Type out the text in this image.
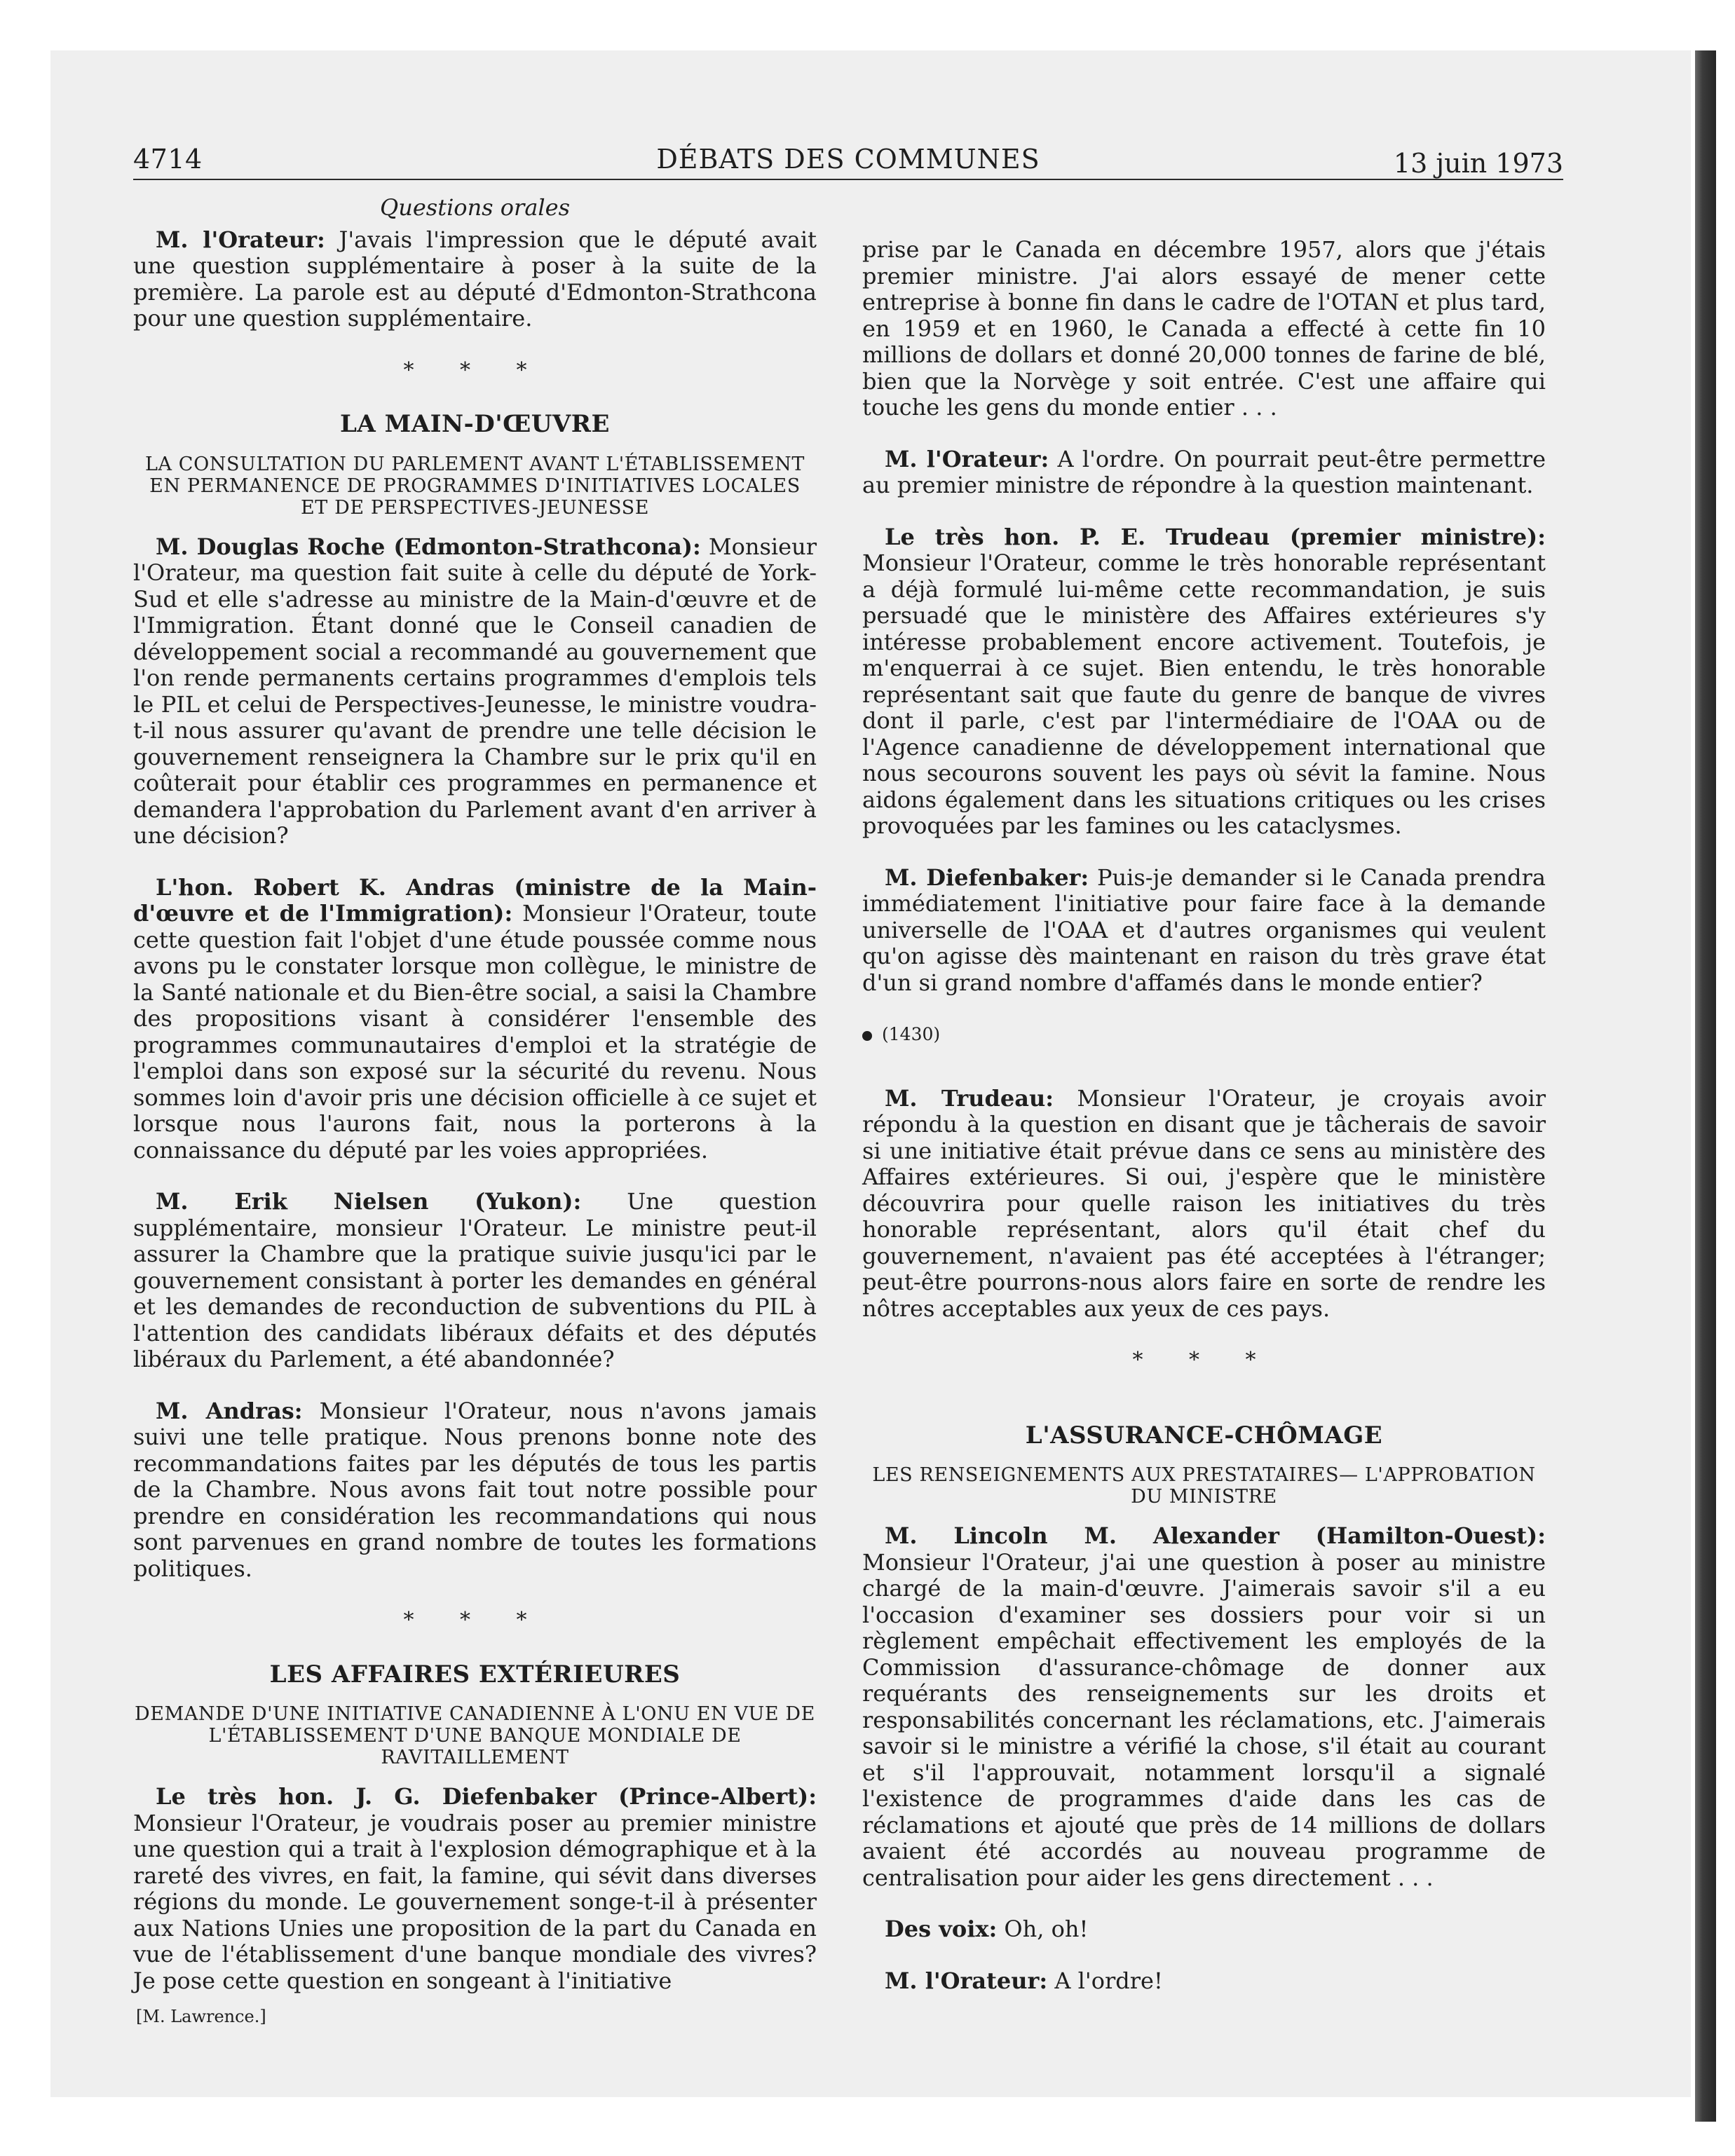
4714	DÉBATS DES COMMUNES	13 juin 1973
Questions orales

M. l'Orateur: J'avais l'impression que le député avait une question supplémentaire à poser à la suite de la première. La parole est au député d'Edmonton-Strathcona pour une question supplémentaire.

* * *
LA MAIN-D'ŒUVRE
LA CONSULTATION DU PARLEMENT AVANT L'ÉTABLISSEMENT EN PERMANENCE DE PROGRAMMES D'INITIATIVES LOCALES ET DE PERSPECTIVES-JEUNESSE

M. Douglas Roche (Edmonton-Strathcona): Monsieur l'Orateur, ma question fait suite à celle du député de York-Sud et elle s'adresse au ministre de la Main-d'œuvre et de l'Immigration. Étant donné que le Conseil canadien de développement social a recommandé au gouvernement que l'on rende permanents certains programmes d'emplois tels le PIL et celui de Perspectives-Jeunesse, le ministre voudra-t-il nous assurer qu'avant de prendre une telle décision le gouvernement renseignera la Chambre sur le prix qu'il en coûterait pour établir ces programmes en permanence et demandera l'approbation du Parlement avant d'en arriver à une décision?

L'hon. Robert K. Andras (ministre de la Main-d'œuvre et de l'Immigration): Monsieur l'Orateur, toute cette question fait l'objet d'une étude poussée comme nous avons pu le constater lorsque mon collègue, le ministre de la Santé nationale et du Bien-être social, a saisi la Chambre des propositions visant à considérer l'ensemble des programmes communautaires d'emploi et la stratégie de l'emploi dans son exposé sur la sécurité du revenu. Nous sommes loin d'avoir pris une décision officielle à ce sujet et lorsque nous l'aurons fait, nous la porterons à la connaissance du député par les voies appropriées.

M. Erik Nielsen (Yukon): Une question supplémentaire, monsieur l'Orateur. Le ministre peut-il assurer la Chambre que la pratique suivie jusqu'ici par le gouvernement consistant à porter les demandes en général et les demandes de reconduction de subventions du PIL à l'attention des candidats libéraux défaits et des députés libéraux du Parlement, a été abandonnée?

M. Andras: Monsieur l'Orateur, nous n'avons jamais suivi une telle pratique. Nous prenons bonne note des recommandations faites par les députés de tous les partis de la Chambre. Nous avons fait tout notre possible pour prendre en considération les recommandations qui nous sont parvenues en grand nombre de toutes les formations politiques.

* * *
LES AFFAIRES EXTÉRIEURES
DEMANDE D'UNE INITIATIVE CANADIENNE À L'ONU EN VUE DE L'ÉTABLISSEMENT D'UNE BANQUE MONDIALE DE RAVITAILLEMENT

Le très hon. J. G. Diefenbaker (Prince-Albert): Monsieur l'Orateur, je voudrais poser au premier ministre une question qui a trait à l'explosion démographique et à la rareté des vivres, en fait, la famine, qui sévit dans diverses régions du monde. Le gouvernement songe-t-il à présenter aux Nations Unies une proposition de la part du Canada en vue de l'établissement d'une banque mondiale des vivres? Je pose cette question en songeant à l'initiative

[M. Lawrence.]

prise par le Canada en décembre 1957, alors que j'étais premier ministre. J'ai alors essayé de mener cette entreprise à bonne fin dans le cadre de l'OTAN et plus tard, en 1959 et en 1960, le Canada a effecté à cette fin 10 millions de dollars et donné 20,000 tonnes de farine de blé, bien que la Norvège y soit entrée. C'est une affaire qui touche les gens du monde entier . . .

M. l'Orateur: A l'ordre. On pourrait peut-être permettre au premier ministre de répondre à la question maintenant.

Le très hon. P. E. Trudeau (premier ministre): Monsieur l'Orateur, comme le très honorable représentant a déjà formulé lui-même cette recommandation, je suis persuadé que le ministère des Affaires extérieures s'y intéresse probablement encore activement. Toutefois, je m'enquerrai à ce sujet. Bien entendu, le très honorable représentant sait que faute du genre de banque de vivres dont il parle, c'est par l'intermédiaire de l'OAA ou de l'Agence canadienne de développement international que nous secourons souvent les pays où sévit la famine. Nous aidons également dans les situations critiques ou les crises provoquées par les famines ou les cataclysmes.

M. Diefenbaker: Puis-je demander si le Canada prendra immédiatement l'initiative pour faire face à la demande universelle de l'OAA et d'autres organismes qui veulent qu'on agisse dès maintenant en raison du très grave état d'un si grand nombre d'affamés dans le monde entier?

(1430)

M. Trudeau: Monsieur l'Orateur, je croyais avoir répondu à la question en disant que je tâcherais de savoir si une initiative était prévue dans ce sens au ministère des Affaires extérieures. Si oui, j'espère que le ministère découvrira pour quelle raison les initiatives du très honorable représentant, alors qu'il était chef du gouvernement, n'avaient pas été acceptées à l'étranger; peut-être pourrons-nous alors faire en sorte de rendre les nôtres acceptables aux yeux de ces pays.

* * *
L'ASSURANCE-CHÔMAGE
LES RENSEIGNEMENTS AUX PRESTATAIRES— L'APPROBATION DU MINISTRE

M. Lincoln M. Alexander (Hamilton-Ouest): Monsieur l'Orateur, j'ai une question à poser au ministre chargé de la main-d'œuvre. J'aimerais savoir s'il a eu l'occasion d'examiner ses dossiers pour voir si un règlement empêchait effectivement les employés de la Commission d'assurance-chômage de donner aux requérants des renseignements sur les droits et responsabilités concernant les réclamations, etc. J'aimerais savoir si le ministre a vérifié la chose, s'il était au courant et s'il l'approuvait, notamment lorsqu'il a signalé l'existence de programmes d'aide dans les cas de réclamations et ajouté que près de 14 millions de dollars avaient été accordés au nouveau programme de centralisation pour aider les gens directement . . .

Des voix: Oh, oh!

M. l'Orateur: A l'ordre!
